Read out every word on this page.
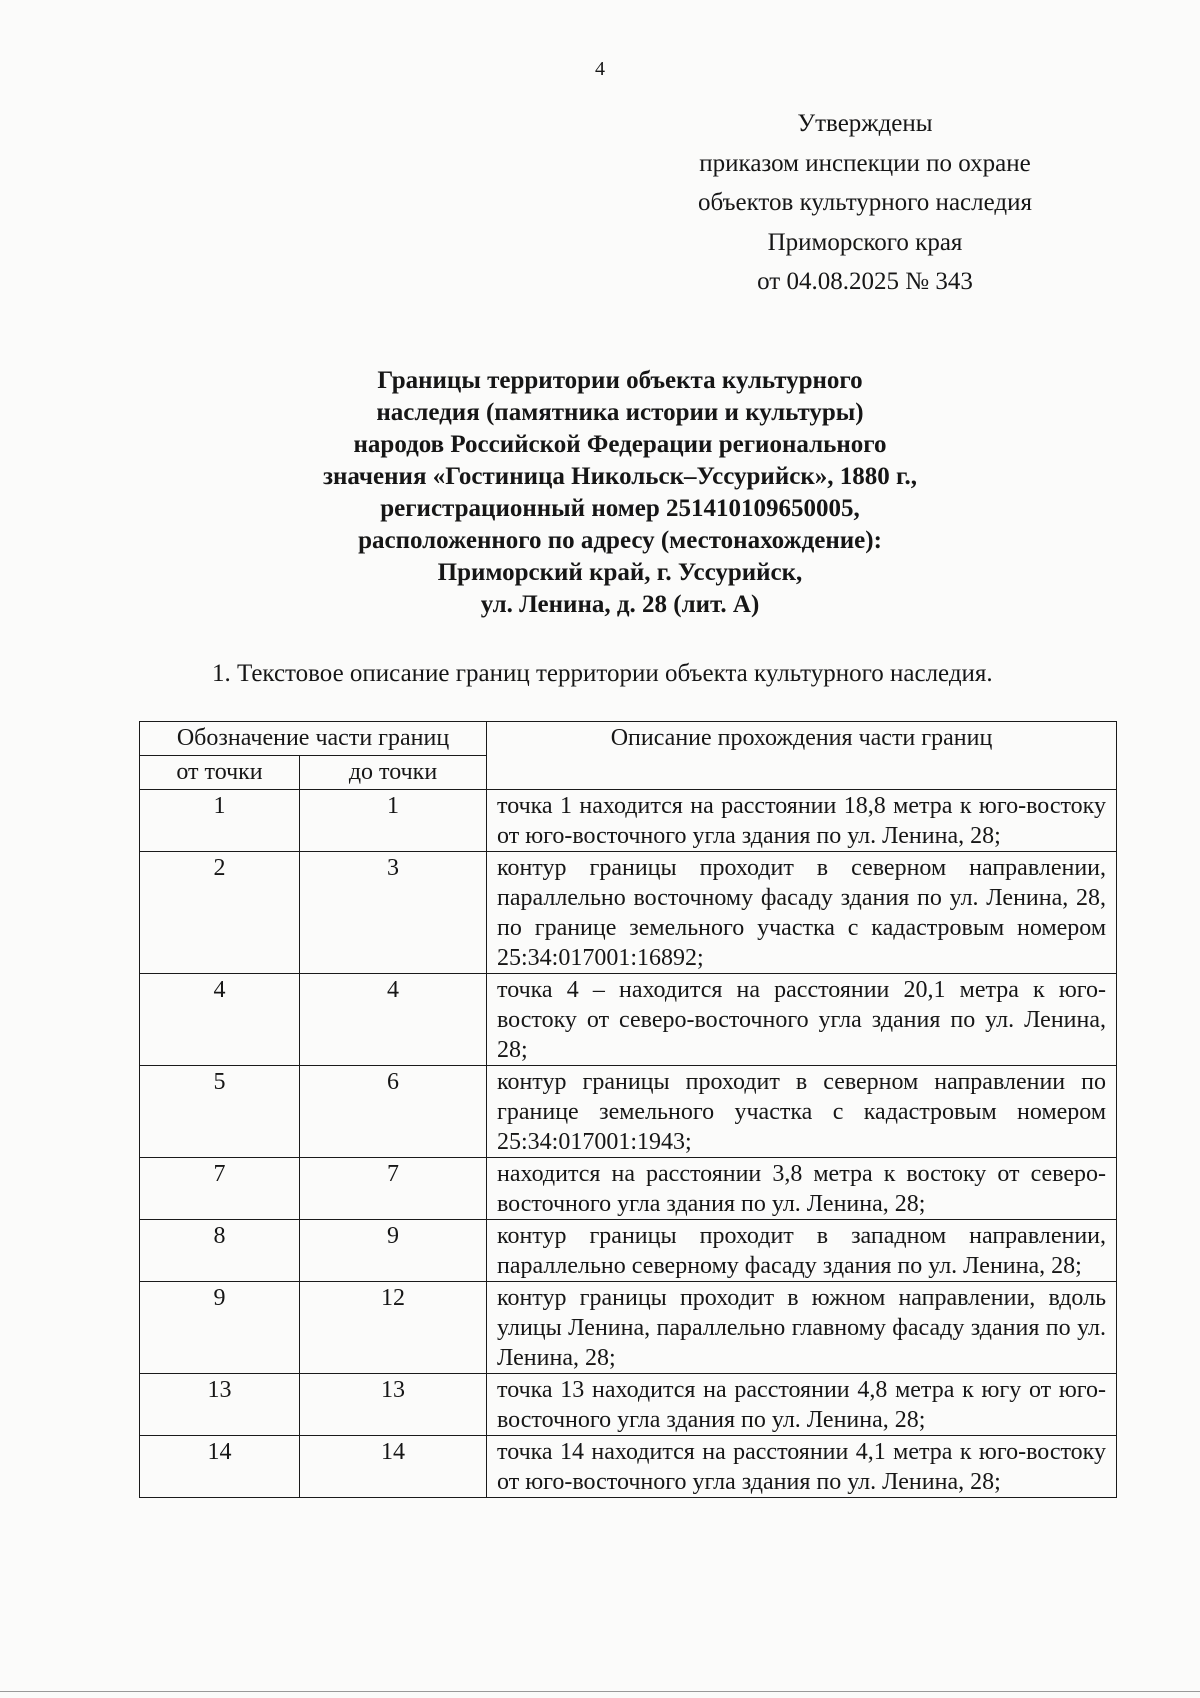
4
Утверждены
приказом инспекции по охране
объектов культурного наследия
Приморского края
от 04.08.2025 № 343
Границы территории объекта культурного
наследия (памятника истории и культуры)
народов Российской Федерации регионального
значения «Гостиница Никольск–Уссурийск», 1880 г.,
регистрационный номер 251410109650005,
расположенного по адресу (местонахождение):
Приморский край, г. Уссурийск,
ул. Ленина, д. 28 (лит. А)
1. Текстовое описание границ территории объекта культурного наследия.
Обозначение части границ		Описание прохождения части границ
от точки	до точки	
1	1	точка 1 находится на расстоянии 18,8 метра к юго-востоку от юго-восточного угла здания по ул. Ленина, 28;
2	3	контур границы проходит в северном направлении, параллельно восточному фасаду здания по ул. Ленина, 28, по границе земельного участка с кадастровым номером 25:34:017001:16892;
4	4	точка 4 – находится на расстоянии 20,1 метра к юго-востоку от северо-восточного угла здания по ул. Ленина, 28;
5	6	контур границы проходит в северном направлении по границе земельного участка с кадастровым номером 25:34:017001:1943;
7	7	находится на расстоянии 3,8 метра к востоку от северо-восточного угла здания по ул. Ленина, 28;
8	9	контур границы проходит в западном направлении, параллельно северному фасаду здания по ул. Ленина, 28;
9	12	контур границы проходит в южном направлении, вдоль улицы Ленина, параллельно главному фасаду здания по ул. Ленина, 28;
13	13	точка 13 находится на расстоянии 4,8 метра к югу от юго-восточного угла здания по ул. Ленина, 28;
14	14	точка 14 находится на расстоянии 4,1 метра к юго-востоку от юго-восточного угла здания по ул. Ленина, 28;
